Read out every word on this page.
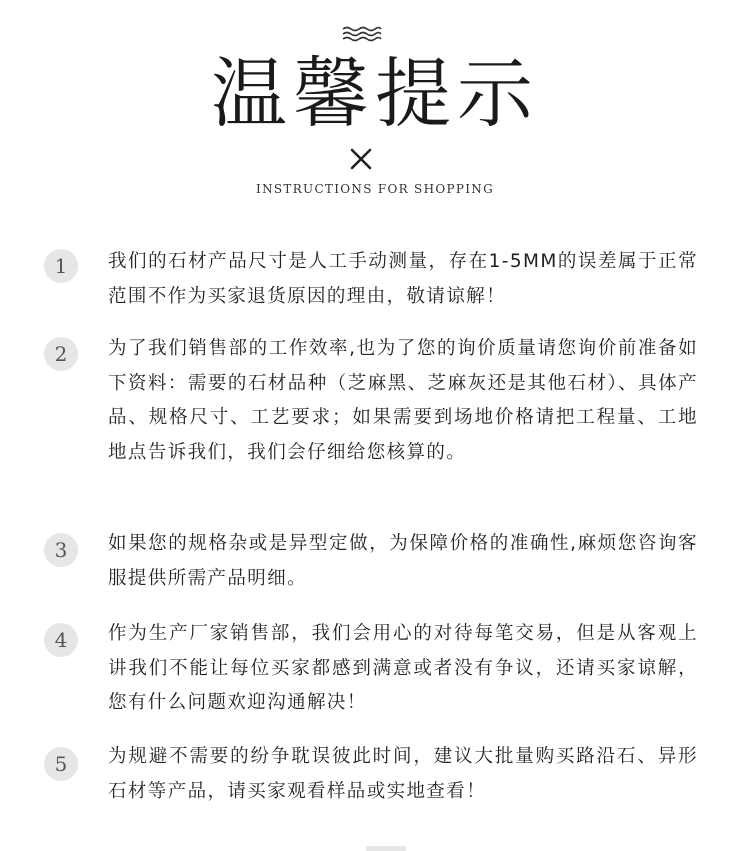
温馨提示
INSTRUCTIONS FOR SHOPPING
1	我们的石材产品尺寸是人工手动测量，存在1-5MM的误差属于正常范围不作为买家退货原因的理由，敬请谅解！
2	为了我们销售部的工作效率,也为了您的询价质量请您询价前准备如下资料：需要的石材品种（芝麻黑、芝麻灰还是其他石材）、具体产品、规格尺寸、工艺要求；如果需要到场地价格请把工程量、工地地点告诉我们，我们会仔细给您核算的。
3	如果您的规格杂或是异型定做，为保障价格的准确性,麻烦您咨询客服提供所需产品明细。
4	作为生产厂家销售部，我们会用心的对待每笔交易，但是从客观上讲我们不能让每位买家都感到满意或者没有争议，还请买家谅解，您有什么问题欢迎沟通解决！
5	为规避不需要的纷争耽误彼此时间，建议大批量购买路沿石、异形石材等产品，请买家观看样品或实地查看！
